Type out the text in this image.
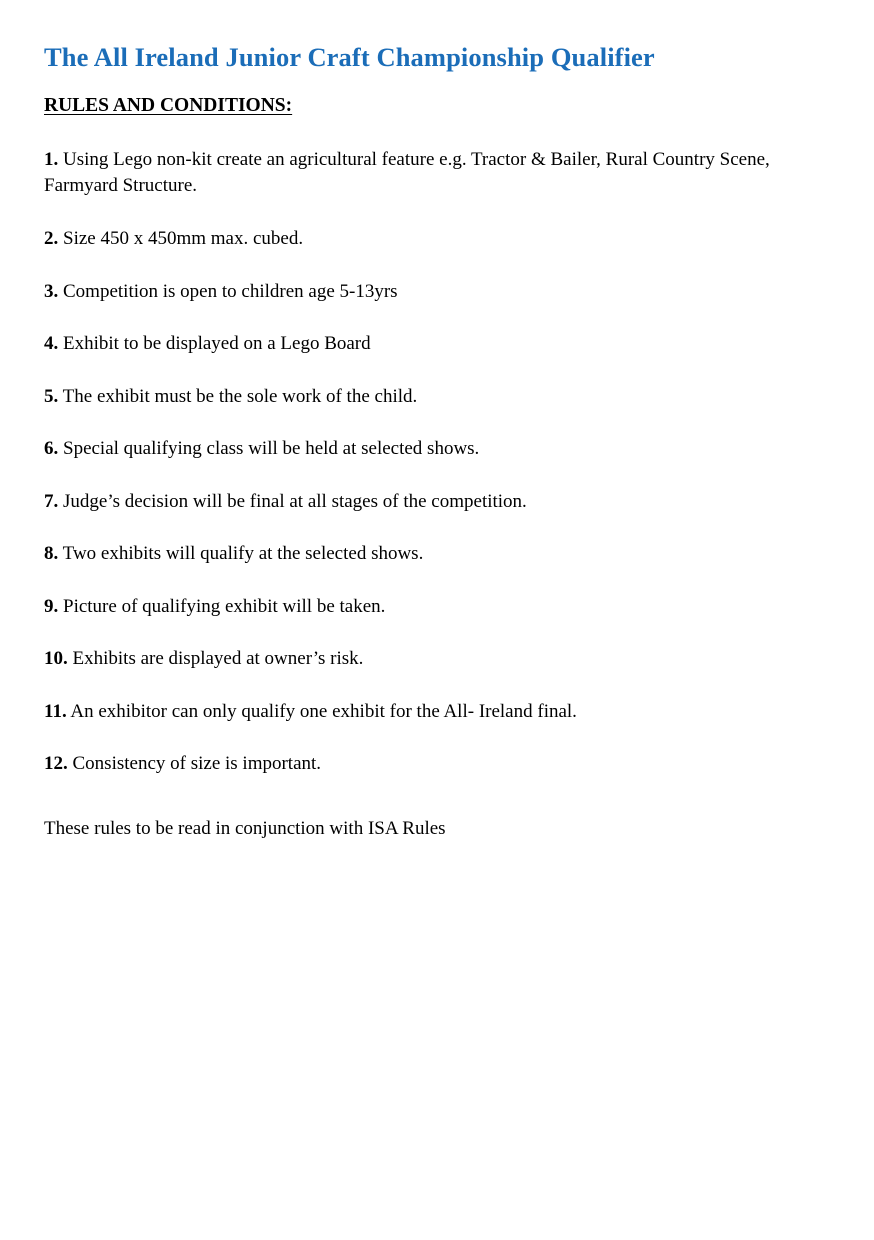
The All Ireland Junior Craft Championship Qualifier
RULES AND CONDITIONS:

1. Using Lego non-kit create an agricultural feature e.g. Tractor & Bailer, Rural Country Scene, Farmyard Structure.

2. Size 450 x 450mm max. cubed.

3. Competition is open to children age 5-13yrs

4. Exhibit to be displayed on a Lego Board

5. The exhibit must be the sole work of the child.

6. Special qualifying class will be held at selected shows.

7. Judge’s decision will be final at all stages of the competition.

8. Two exhibits will qualify at the selected shows.

9. Picture of qualifying exhibit will be taken.

10. Exhibits are displayed at owner’s risk.

11. An exhibitor can only qualify one exhibit for the All- Ireland final.

12. Consistency of size is important.

These rules to be read in conjunction with ISA Rules
